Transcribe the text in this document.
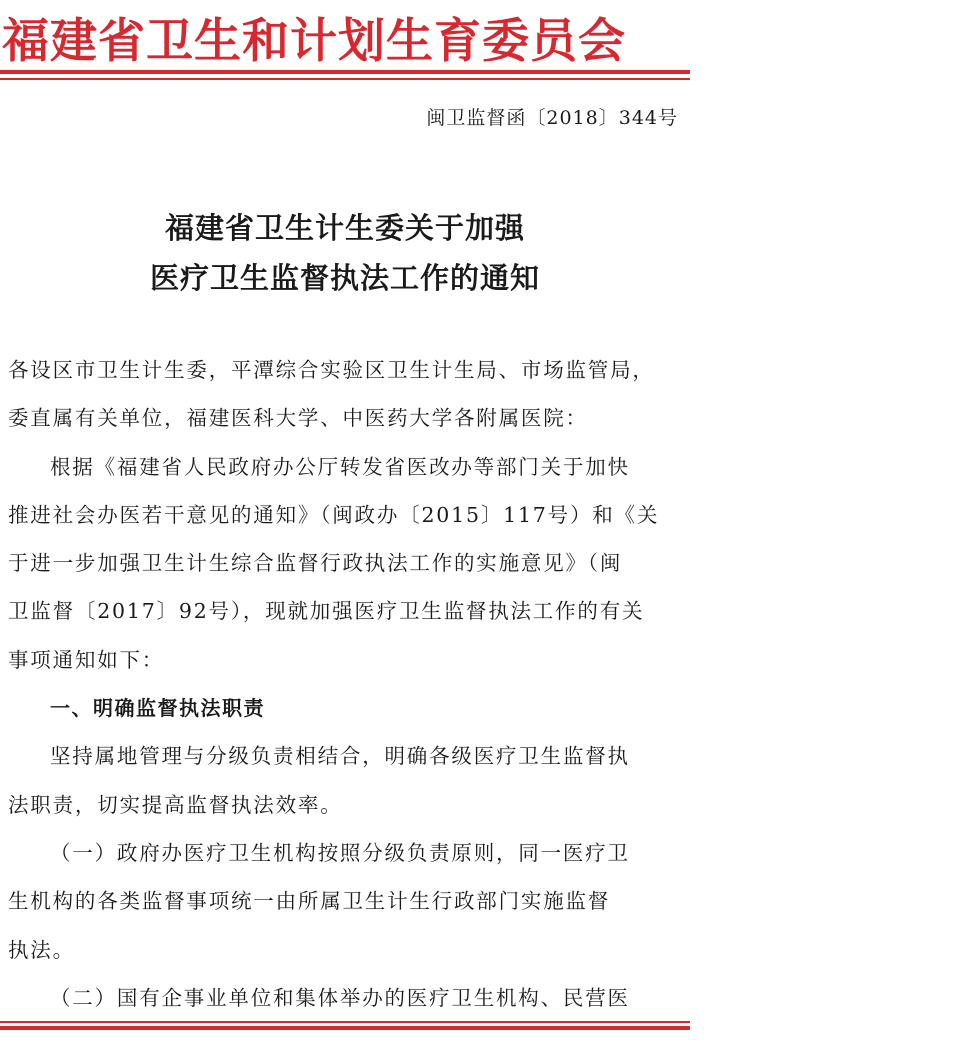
福建省卫生和计划生育委员会
闽卫监督函〔2018〕344号
福建省卫生计生委关于加强
医疗卫生监督执法工作的通知
各设区市卫生计生委，平潭综合实验区卫生计生局、市场监管局，
委直属有关单位，福建医科大学、中医药大学各附属医院：
根据《福建省人民政府办公厅转发省医改办等部门关于加快
推进社会办医若干意见的通知》（闽政办〔2015〕117号）和《关
于进一步加强卫生计生综合监督行政执法工作的实施意见》（闽
卫监督〔2017〕92号），现就加强医疗卫生监督执法工作的有关
事项通知如下：
一、明确监督执法职责
坚持属地管理与分级负责相结合，明确各级医疗卫生监督执
法职责，切实提高监督执法效率。
（一）政府办医疗卫生机构按照分级负责原则，同一医疗卫
生机构的各类监督事项统一由所属卫生计生行政部门实施监督
执法。
（二）国有企事业单位和集体举办的医疗卫生机构、民营医
